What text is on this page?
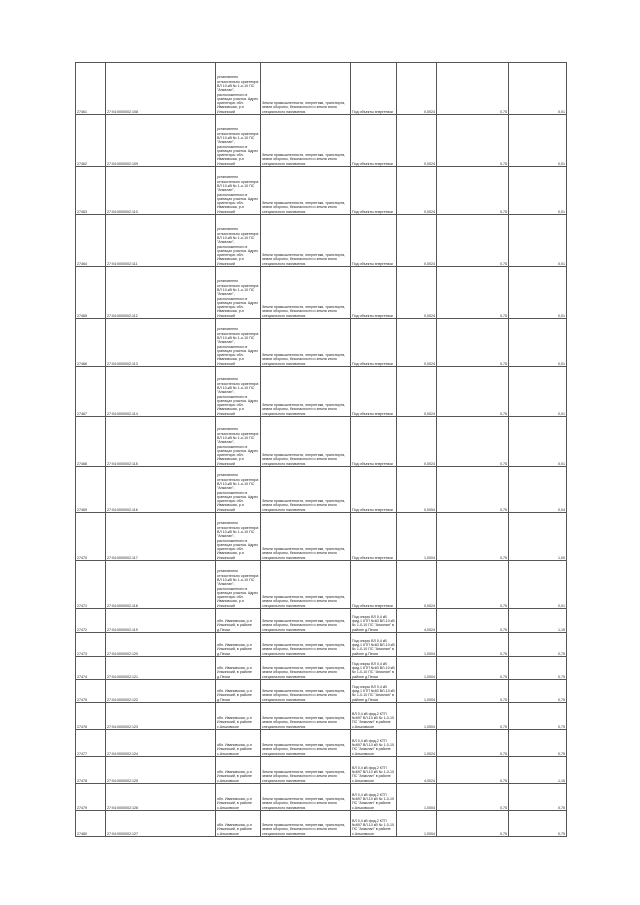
27461	27:04:0000002:108	установлено относительно ориентира ВЛ 10-кВ № 1-о-10 ПС "Анкилан", расположенного в границах участка. Адрес ориентира: обл. Ивановская, р-н Ильинский	Земли промышленности, энергетики, транспорта, земли обороны, безопасности и земли иного специального назначения	Под объекты энергетики	0,0024	0,75	0,01
27462	27:04:0000002:109	установлено относительно ориентира ВЛ 10-кВ № 1-о-10 ПС "Анкилан", расположенного в границах участка. Адрес ориентира: обл. Ивановская, р-н Ильинский	Земли промышленности, энергетики, транспорта, земли обороны, безопасности и земли иного специального назначения	Под объекты энергетики	0,0024	0,75	0,01
27463	27:04:0000002:110	установлено относительно ориентира ВЛ 10-кВ № 1-о-10 ПС "Анкилан", расположенного в границах участка. Адрес ориентира: обл. Ивановская, р-н Ильинский	Земли промышленности, энергетики, транспорта, земли обороны, безопасности и земли иного специального назначения	Под объекты энергетики	0,0024	0,75	0,01
27464	27:04:0000002:111	установлено относительно ориентира ВЛ 10-кВ № 1-о-10 ПС "Анкилан", расположенного в границах участка. Адрес ориентира: обл. Ивановская, р-н Ильинский	Земли промышленности, энергетики, транспорта, земли обороны, безопасности и земли иного специального назначения	Под объекты энергетики	0,0024	0,75	0,01
27465	27:04:0000002:112	установлено относительно ориентира ВЛ 10-кВ № 1-о-10 ПС "Анкилан", расположенного в границах участка. Адрес ориентира: обл. Ивановская, р-н Ильинский	Земли промышленности, энергетики, транспорта, земли обороны, безопасности и земли иного специального назначения	Под объекты энергетики	0,0024	0,75	0,01
27466	27:04:0000002:113	установлено относительно ориентира ВЛ 10-кВ № 1-о-10 ПС "Анкилан", расположенного в границах участка. Адрес ориентира: обл. Ивановская, р-н Ильинский	Земли промышленности, энергетики, транспорта, земли обороны, безопасности и земли иного специального назначения	Под объекты энергетики	0,0024	0,75	0,01
27467	27:04:0000002:114	установлено относительно ориентира ВЛ 10-кВ № 1-о-10 ПС "Анкилан", расположенного в границах участка. Адрес ориентира: обл. Ивановская, р-н Ильинский	Земли промышленности, энергетики, транспорта, земли обороны, безопасности и земли иного специального назначения	Под объекты энергетики	0,0024	0,75	0,01
27468	27:04:0000002:115	установлено относительно ориентира ВЛ 10-кВ № 1-о-10 ПС "Анкилан", расположенного в границах участка. Адрес ориентира: обл. Ивановская, р-н Ильинский	Земли промышленности, энергетики, транспорта, земли обороны, безопасности и земли иного специального назначения	Под объекты энергетики	0,0024	0,75	0,01
27469	27:04:0000002:116	установлено относительно ориентира ВЛ 10-кВ № 1-о-10 ПС "Анкилан", расположенного в границах участка. Адрес ориентира: обл. Ивановская, р-н Ильинский	Земли промышленности, энергетики, транспорта, земли обороны, безопасности и земли иного специального назначения	Под объекты энергетики	0,0054	0,75	0,04
27470	27:04:0000002:117	установлено относительно ориентира ВЛ 10-кВ № 1-о-10 ПС "Анкилан", расположенного в границах участка. Адрес ориентира: обл. Ивановская, р-н Ильинский	Земли промышленности, энергетики, транспорта, земли обороны, безопасности и земли иного специального назначения	Под объекты энергетики	1,0004	0,75	1,00
27471	27:04:0000002:118	установлено относительно ориентира ВЛ 10-кВ № 1-о-10 ПС "Анкилан", расположенного в границах участка. Адрес ориентира: обл. Ивановская, р-н Ильинский	Земли промышленности, энергетики, транспорта, земли обороны, безопасности и земли иного специального назначения	Под объекты энергетики	0,0024	0,75	0,01
27472	27:04:0000002:119	обл. Ивановская, р-н Ильинский, в районе д.Пески	Земли промышленности, энергетики, транспорта, земли обороны, безопасности и земли иного специального назначения	Под опоры ВЛ 0,4 кВ фид.1 КТП №83 ВЛ-10 кВ № 1-0-10 ПС "Анкилан" в районе д.Пески	4,0024	0,75	1,15
27473	27:04:0000002:120	обл. Ивановская, р-н Ильинский, в районе д.Пески	Земли промышленности, энергетики, транспорта, земли обороны, безопасности и земли иного специального назначения	Под опоры ВЛ 0,4 кВ фид.1 КТП №83 ВЛ-10 кВ № 1-0-10 ПС "Анкилан" в районе д.Пески	1,0004	0,75	0,75
27474	27:04:0000002:121	обл. Ивановская, р-н Ильинский, в районе д.Пески	Земли промышленности, энергетики, транспорта, земли обороны, безопасности и земли иного специального назначения	Под опоры ВЛ 0,4 кВ фид.1 КТП №83 ВЛ-10 кВ № 1-0-10 ПС "Анкилан" в районе д.Пески	1,0004	0,75	0,75
27475	27:04:0000002:122	обл. Ивановская, р-н Ильинский, в районе д.Пески	Земли промышленности, энергетики, транспорта, земли обороны, безопасности и земли иного специального назначения	Под опоры ВЛ 0,4 кВ фид.1 КТП №83 ВЛ-10 кВ № 1-0-10 ПС "Анкилан" в районе д.Пески	1,0004	0,75	0,75
27476	27:04:0000002:123	обл. Ивановская, р-н Ильинский, в районе с.Аньковское	Земли промышленности, энергетики, транспорта, земли обороны, безопасности и земли иного специального назначения	ВЛ 0,4 кВ фид.2 КТП №697 ВЛ-10 кВ № 1-0-10 ПС "Анкилан" в районе с.Аньковское	1,0004	0,75	0,75
27477	27:04:0000002:124	обл. Ивановская, р-н Ильинский, в районе с.Аньковское	Земли промышленности, энергетики, транспорта, земли обороны, безопасности и земли иного специального назначения	ВЛ 0,4 кВ фид.2 КТП №697 ВЛ-10 кВ № 1-0-10 ПС "Анкилан" в районе с.Аньковское	1,0024	0,75	0,75
27478	27:04:0000002:125	обл. Ивановская, р-н Ильинский, в районе с.Аньковское	Земли промышленности, энергетики, транспорта, земли обороны, безопасности и земли иного специального назначения	ВЛ 0,4 кВ фид.2 КТП №697 ВЛ-10 кВ № 1-0-10 ПС "Анкилан" в районе с.Аньковское	4,0024	0,75	1,15
27479	27:04:0000002:126	обл. Ивановская, р-н Ильинский, в районе с.Аньковское	Земли промышленности, энергетики, транспорта, земли обороны, безопасности и земли иного специального назначения	ВЛ 0,4 кВ фид.2 КТП №697 ВЛ-10 кВ № 1-0-10 ПС "Анкилан" в районе с.Аньковское	1,0004	0,75	0,75
27480	27:04:0000002:127	обл. Ивановская, р-н Ильинский, в районе с.Аньковское	Земли промышленности, энергетики, транспорта, земли обороны, безопасности и земли иного специального назначения	ВЛ 0,4 кВ фид.2 КТП №697 ВЛ-10 кВ № 1-0-10 ПС "Анкилан" в районе с.Аньковское	1,0004	0,75	0,75
